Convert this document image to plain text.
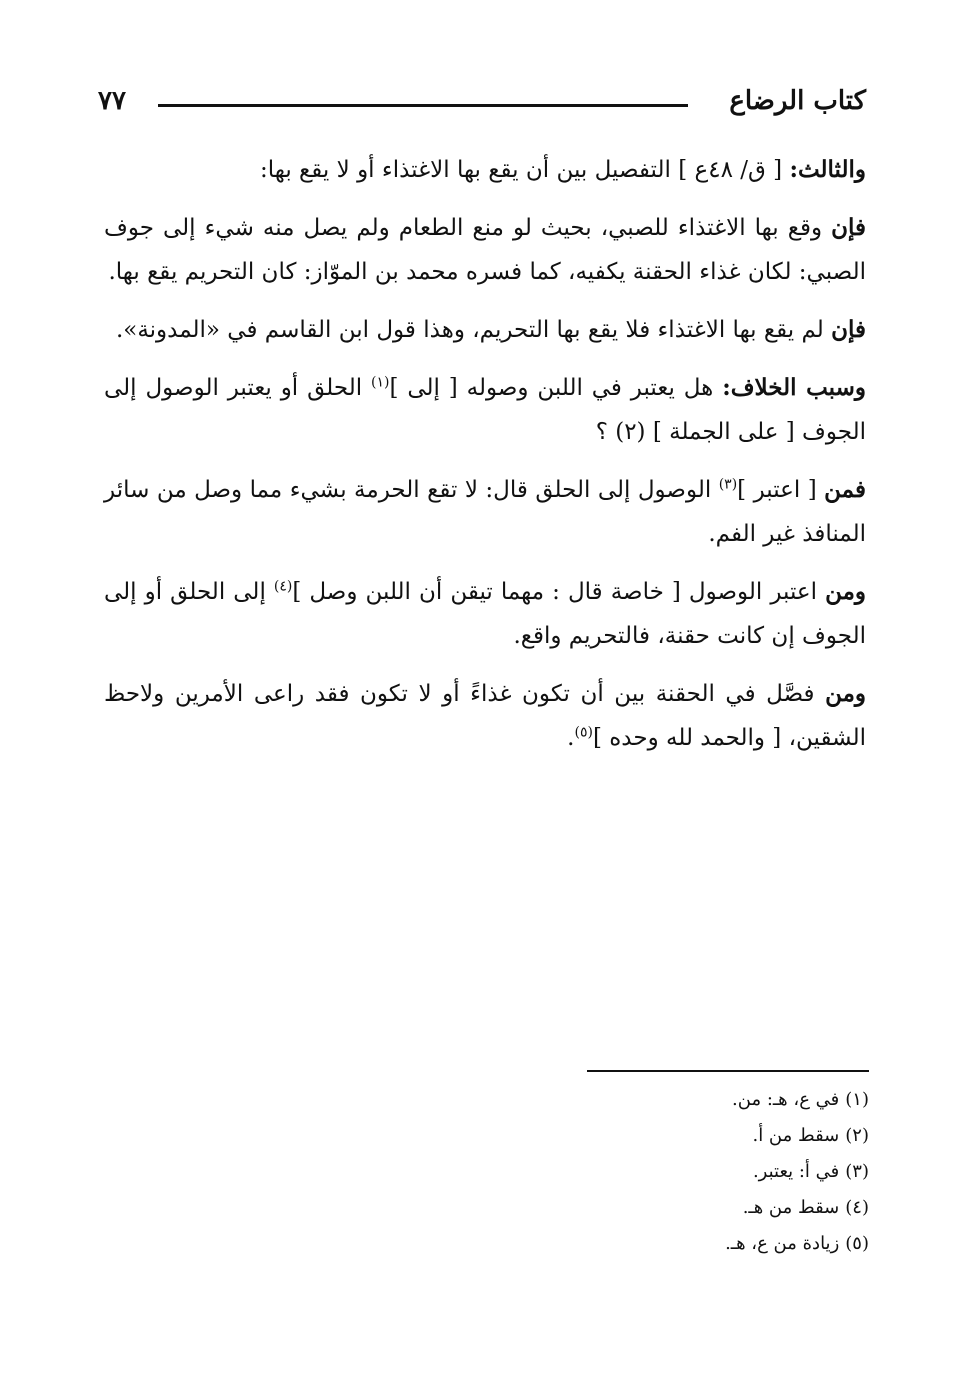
كتاب الرضاع
٧٧

والثالث: [ ق/ ٤٨ع ] التفصيل بين أن يقع بها الاغتذاء أو لا يقع بها:

فإن وقع بها الاغتذاء للصبي، بحيث لو منع الطعام ولم يصل منه شيء إلى جوف الصبي: لكان غذاء الحقنة يكفيه، كما فسره محمد بن الموّاز: كان التحريم يقع بها.

فإن لم يقع بها الاغتذاء فلا يقع بها التحريم، وهذا قول ابن القاسم في «المدونة».

وسبب الخلاف: هل يعتبر في اللبن وصوله [ إلى ]$^{(١)}$ الحلق أو يعتبر الوصول إلى الجوف [ على الجملة ] (٢) ؟

فمن [ اعتبر ]$^{(٣)}$ الوصول إلى الحلق قال: لا تقع الحرمة بشيء مما وصل من سائر المنافذ غير الفم.

ومن اعتبر الوصول [ خاصة قال : مهما تيقن أن اللبن وصل ]$^{(٤)}$ إلى الحلق أو إلى الجوف إن كانت حقنة، فالتحريم واقع.

ومن فصَّل في الحقنة بين أن تكون غذاءً أو لا تكون فقد راعى الأمرين ولاحظ الشقين، [ والحمد لله وحده ]$^{(٥)}$.

(١)في ع، هـ: من.
(٢)سقط من أ.
(٣)في أ: يعتبر.
(٤)سقط من هـ.
(٥)زيادة من ع، هـ.
